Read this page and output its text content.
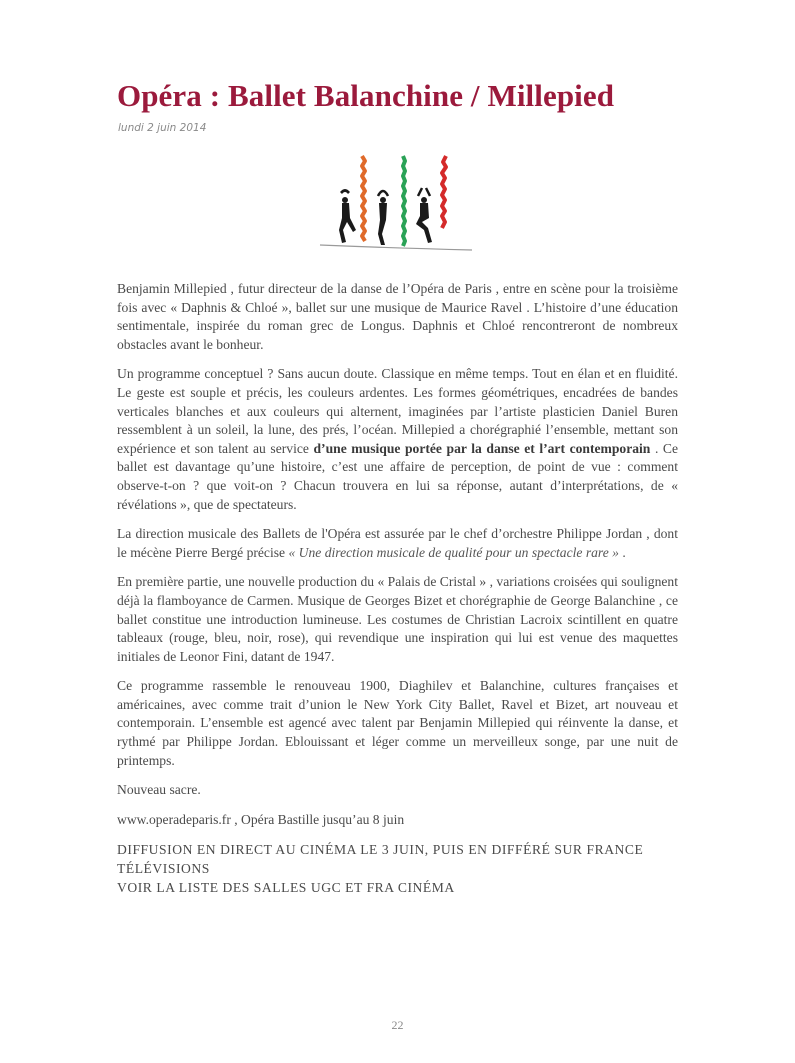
Opéra : Ballet Balanchine / Millepied
lundi 2 juin 2014

Benjamin Millepied , futur directeur de la danse de l’Opéra de Paris , entre en scène pour la troisième fois avec « Daphnis & Chloé », ballet sur une musique de Maurice Ravel . L’histoire d’une éducation sentimentale, inspirée du roman grec de Longus. Daphnis et Chloé rencontreront de nombreux obstacles avant le bonheur.

Un programme conceptuel ? Sans aucun doute. Classique en même temps. Tout en élan et en fluidité. Le geste est souple et précis, les couleurs ardentes. Les formes géométriques, encadrées de bandes verticales blanches et aux couleurs qui alternent, imaginées par l’artiste plasticien Daniel Buren ressemblent à un soleil, la lune, des prés, l’océan. Millepied a chorégraphié l’ensemble, mettant son expérience et son talent au service d’une musique portée par la danse et l’art contemporain . Ce ballet est davantage qu’une histoire, c’est une affaire de perception, de point de vue : comment observe-t-on ? que voit-on ? Chacun trouvera en lui sa réponse, autant d’interprétations, de « révélations », que de spectateurs.

La direction musicale des Ballets de l'Opéra est assurée par le chef d’orchestre Philippe Jordan , dont le mécène Pierre Bergé précise « Une direction musicale de qualité pour un spectacle rare » .

En première partie, une nouvelle production du « Palais de Cristal » , variations croisées qui soulignent déjà la flamboyance de Carmen. Musique de Georges Bizet et chorégraphie de George Balanchine , ce ballet constitue une introduction lumineuse. Les costumes de Christian Lacroix scintillent en quatre tableaux (rouge, bleu, noir, rose), qui revendique une inspiration qui lui est venue des maquettes initiales de Leonor Fini, datant de 1947.

Ce programme rassemble le renouveau 1900, Diaghilev et Balanchine, cultures françaises et américaines, avec comme trait d’union le New York City Ballet, Ravel et Bizet, art nouveau et contemporain. L’ensemble est agencé avec talent par Benjamin Millepied qui réinvente la danse, et rythmé par Philippe Jordan. Eblouissant et léger comme un merveilleux songe, par une nuit de printemps.

Nouveau sacre.

www.operadeparis.fr , Opéra Bastille jusqu’au 8 juin

DIFFUSION EN DIRECT AU CINÉMA LE 3 JUIN, PUIS EN DIFFÉRÉ SUR FRANCE
TÉLÉVISIONS
VOIR LA LISTE DES SALLES UGC ET FRA CINÉMA
22
